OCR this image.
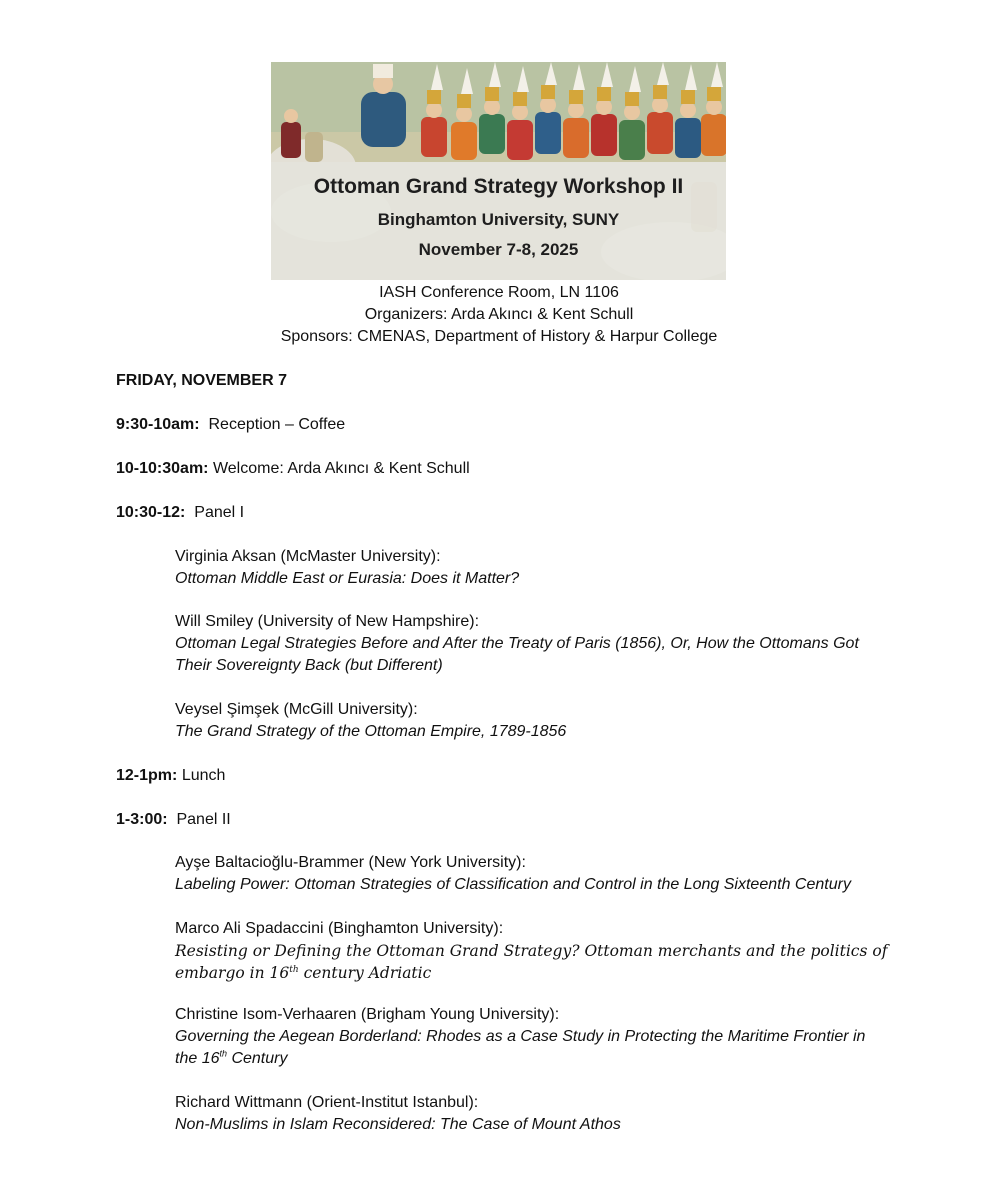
Ottoman Grand Strategy Workshop II
Binghamton University, SUNY
November 7-8, 2025
IASH Conference Room, LN 1106
Organizers: Arda Akıncı & Kent Schull
Sponsors: CMENAS, Department of History & Harpur College
FRIDAY, NOVEMBER 7
9:30-10am: Reception – Coffee
10-10:30am: Welcome: Arda Akıncı & Kent Schull
10:30-12: Panel I
Virginia Aksan (McMaster University):
Ottoman Middle East or Eurasia: Does it Matter?
Will Smiley (University of New Hampshire):
Ottoman Legal Strategies Before and After the Treaty of Paris (1856), Or, How the Ottomans Got
Their Sovereignty Back (but Different)
Veysel Şimşek (McGill University):
The Grand Strategy of the Ottoman Empire, 1789-1856
12-1pm: Lunch
1-3:00: Panel II
Ayşe Baltacioğlu-Brammer (New York University):
Labeling Power: Ottoman Strategies of Classification and Control in the Long Sixteenth Century
Marco Ali Spadaccini (Binghamton University):
Resisting or Defining the Ottoman Grand Strategy? Ottoman merchants and the politics of
embargo in 16th century Adriatic
Christine Isom-Verhaaren (Brigham Young University):
Governing the Aegean Borderland: Rhodes as a Case Study in Protecting the Maritime Frontier in
the 16th Century
Richard Wittmann (Orient-Institut Istanbul):
Non-Muslims in Islam Reconsidered: The Case of Mount Athos
